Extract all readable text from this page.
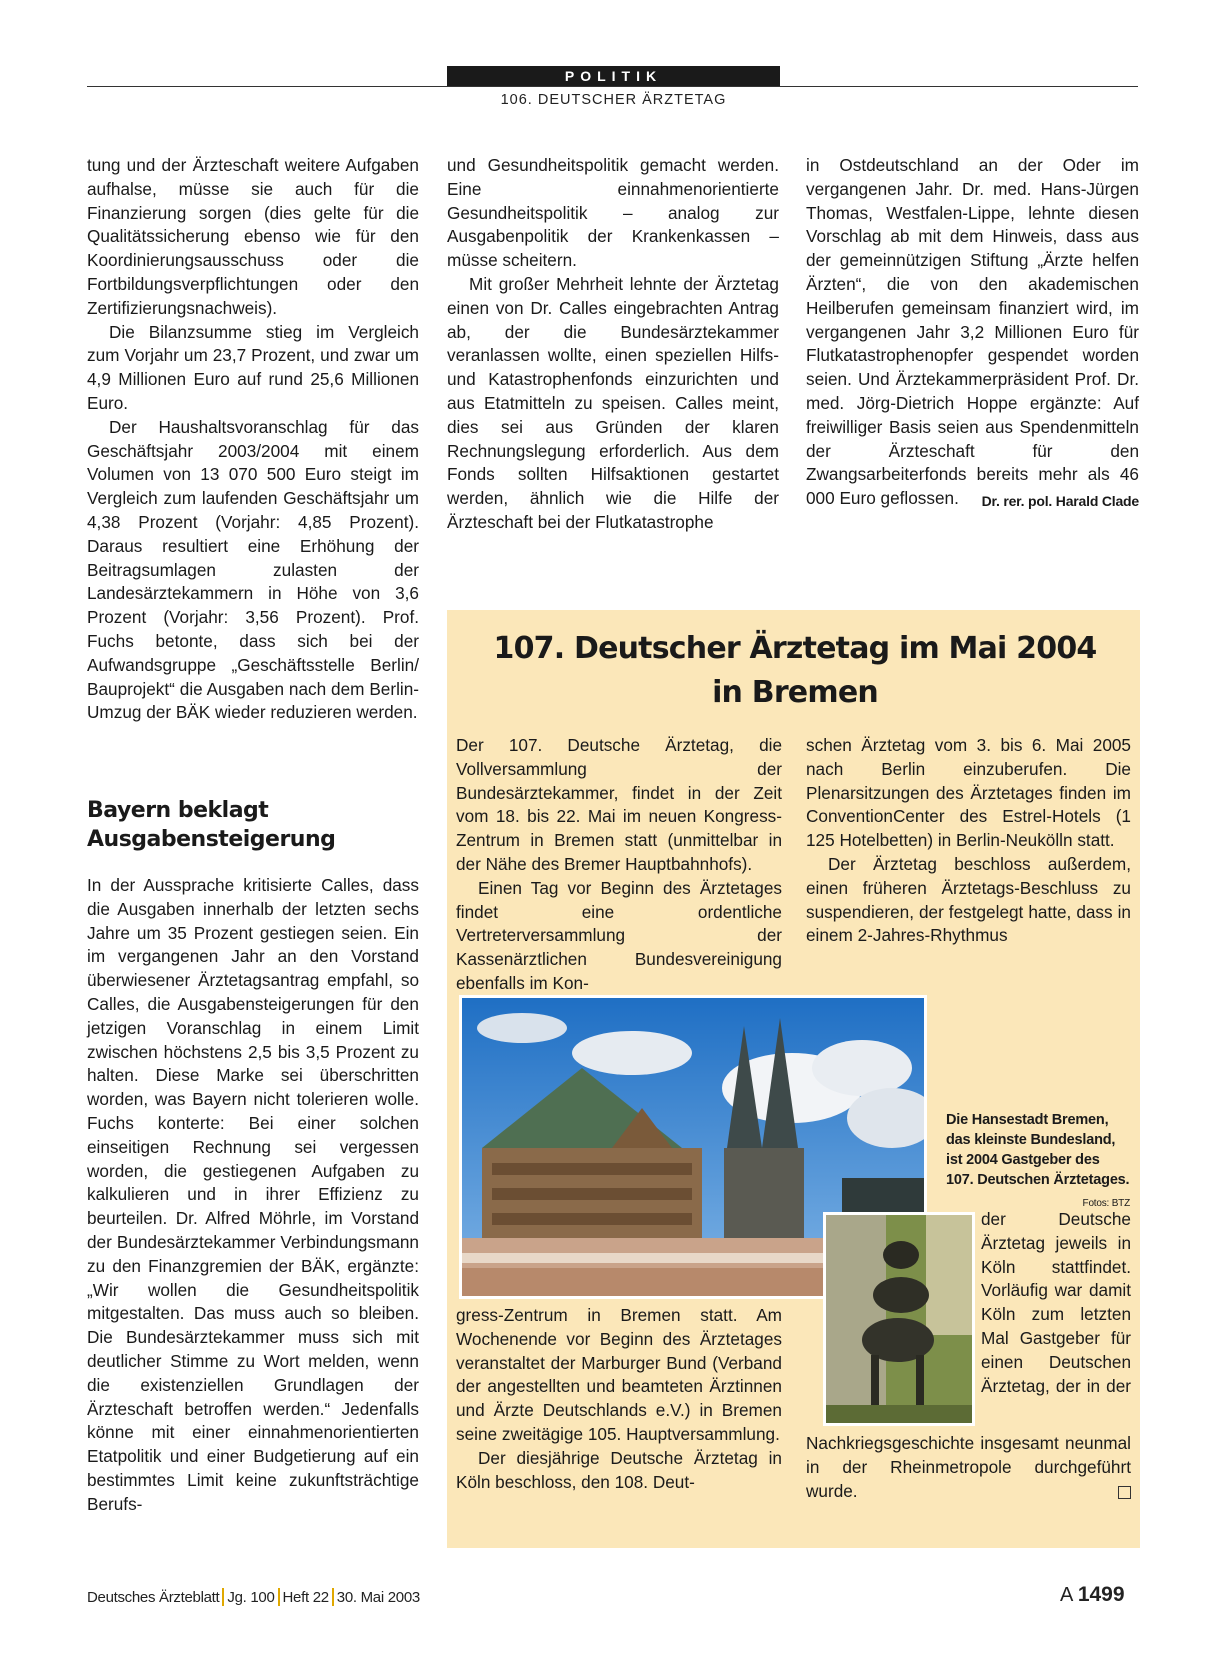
POLITIK
106. DEUTSCHER ÄRZTETAG

tung und der Ärzteschaft weitere Aufgaben aufhalse, müsse sie auch für die Finanzierung sorgen (dies gelte für die Qualitätssicherung ebenso wie für den Koordinierungsausschuss oder die Fortbildungsverpflichtungen oder den Zertifizierungsnachweis).

Die Bilanzsumme stieg im Vergleich zum Vorjahr um 23,7 Prozent, und zwar um 4,9 Millionen Euro auf rund 25,6 Millionen Euro.

Der Haushaltsvoranschlag für das Geschäftsjahr 2003/2004 mit einem Volumen von 13 070 500 Euro steigt im Vergleich zum laufenden Geschäftsjahr um 4,38 Prozent (Vorjahr: 4,85 Prozent). Daraus resultiert eine Erhöhung der Beitragsumlagen zulasten der Landesärztekammern in Höhe von 3,6 Prozent (Vorjahr: 3,56 Prozent). Prof. Fuchs betonte, dass sich bei der Aufwandsgruppe „Geschäftsstelle Berlin/ Bauprojekt“ die Ausgaben nach dem Berlin-Umzug der BÄK wieder reduzieren werden.

Bayern beklagt
Ausgabensteigerung

In der Aussprache kritisierte Calles, dass die Ausgaben innerhalb der letzten sechs Jahre um 35 Prozent gestiegen seien. Ein im vergangenen Jahr an den Vorstand überwiesener Ärztetagsantrag empfahl, so Calles, die Ausgabensteigerungen für den jetzigen Voranschlag in einem Limit zwischen höchstens 2,5 bis 3,5 Prozent zu halten. Diese Marke sei überschritten worden, was Bayern nicht tolerieren wolle. Fuchs konterte: Bei einer solchen einseitigen Rechnung sei vergessen worden, die gestiegenen Aufgaben zu kalkulieren und in ihrer Effizienz zu beurteilen. Dr. Alfred Möhrle, im Vorstand der Bundesärztekammer Verbindungsmann zu den Finanzgremien der BÄK, ergänzte: „Wir wollen die Gesundheitspolitik mitgestalten. Das muss auch so bleiben. Die Bundesärztekammer muss sich mit deutlicher Stimme zu Wort melden, wenn die existenziellen Grundlagen der Ärzteschaft betroffen werden.“ Jedenfalls könne mit einer einnahmenorientierten Etatpolitik und einer Budgetierung auf ein bestimmtes Limit keine zukunftsträchtige Berufs-

und Gesundheitspolitik gemacht werden. Eine einnahmenorientierte Gesundheitspolitik – analog zur Ausgabenpolitik der Krankenkassen – müsse scheitern.

Mit großer Mehrheit lehnte der Ärztetag einen von Dr. Calles eingebrachten Antrag ab, der die Bundesärztekammer veranlassen wollte, einen speziellen Hilfs- und Katastrophenfonds einzurichten und aus Etatmitteln zu speisen. Calles meint, dies sei aus Gründen der klaren Rechnungslegung erforderlich. Aus dem Fonds sollten Hilfsaktionen gestartet werden, ähnlich wie die Hilfe der Ärzteschaft bei der Flutkatastrophe

in Ostdeutschland an der Oder im vergangenen Jahr. Dr. med. Hans-Jürgen Thomas, Westfalen-Lippe, lehnte diesen Vorschlag ab mit dem Hinweis, dass aus der gemeinnützigen Stiftung „Ärzte helfen Ärzten“, die von den akademischen Heilberufen gemeinsam finanziert wird, im vergangenen Jahr 3,2 Millionen Euro für Flutkatastrophenopfer gespendet worden seien. Und Ärztekammerpräsident Prof. Dr. med. Jörg-Dietrich Hoppe ergänzte: Auf freiwilliger Basis seien aus Spendenmitteln der Ärzteschaft für den Zwangsarbeiterfonds bereits mehr als 46 000 Euro geflossen. Dr. rer. pol. Harald Clade

107. Deutscher Ärztetag im Mai 2004
in Bremen

Der 107. Deutsche Ärztetag, die Vollversammlung der Bundesärztekammer, findet in der Zeit vom 18. bis 22. Mai im neuen Kongress-Zentrum in Bremen statt (unmittelbar in der Nähe des Bremer Hauptbahnhofs).

Einen Tag vor Beginn des Ärztetages findet eine ordentliche Vertreterversammlung der Kassenärztlichen Bundesvereinigung ebenfalls im Kon-

schen Ärztetag vom 3. bis 6. Mai 2005 nach Berlin einzuberufen. Die Plenarsitzungen des Ärztetages finden im ConventionCenter des Estrel-Hotels (1 125 Hotelbetten) in Berlin-Neukölln statt.

Der Ärztetag beschloss außerdem, einen früheren Ärztetags-Beschluss zu suspendieren, der festgelegt hatte, dass in einem 2-Jahres-Rhythmus

Die Hansestadt Bremen, das kleinste Bundesland, ist 2004 Gastgeber des 107. Deutschen Ärztetages.
Fotos: BTZ

der Deutsche Ärztetag jeweils in Köln stattfindet. Vorläufig war damit Köln zum letzten Mal Gastgeber für einen Deutschen Ärztetag, der in der Nachkriegsgeschichte insgesamt neunmal in der Rheinmetropole durchgeführt wurde.

gress-Zentrum in Bremen statt. Am Wochenende vor Beginn des Ärztetages veranstaltet der Marburger Bund (Verband der angestellten und beamteten Ärztinnen und Ärzte Deutschlands e.V.) in Bremen seine zweitägige 105. Hauptversammlung.

Der diesjährige Deutsche Ärztetag in Köln beschloss, den 108. Deut-

Deutsches Ärzteblatt Jg. 100 Heft 22 30. Mai 2003	A 1499
